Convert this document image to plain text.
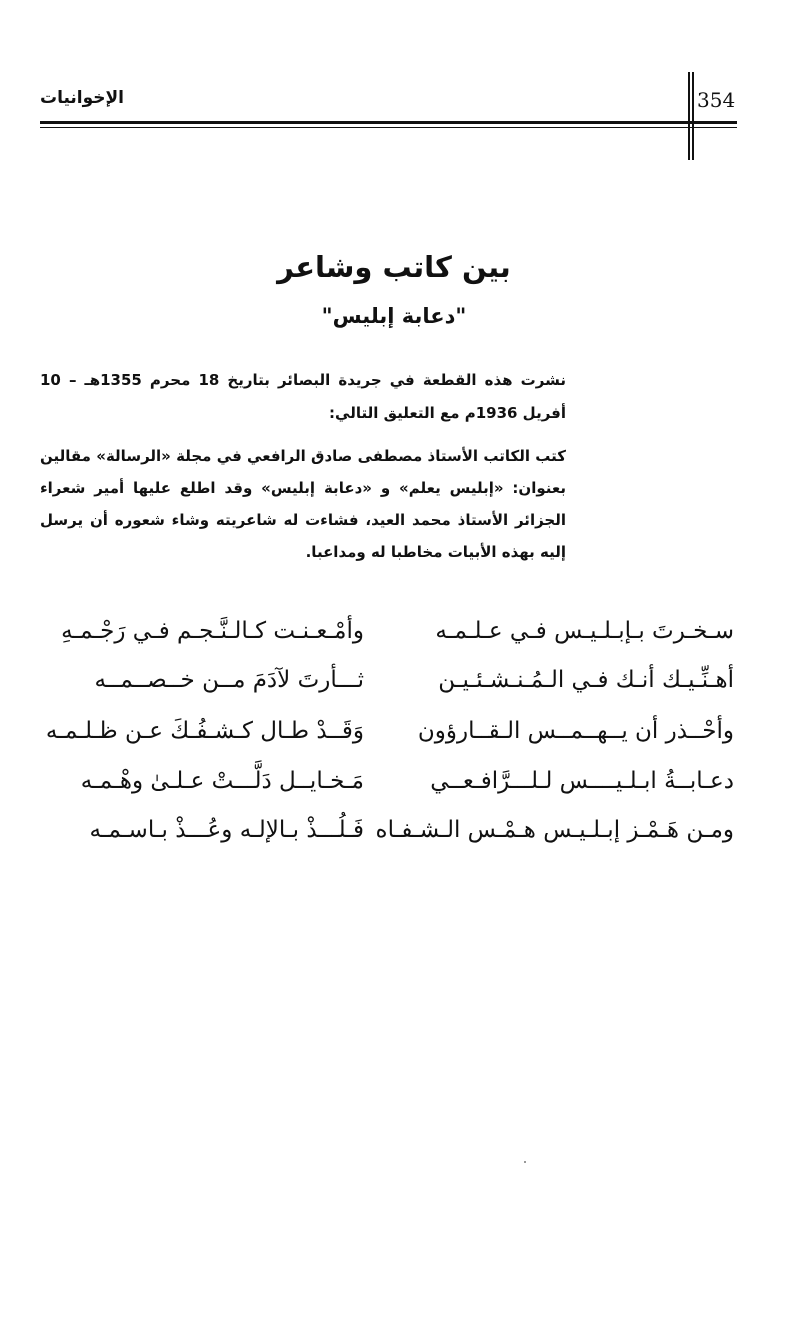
الإخوانيات	354
بين كاتب وشاعر
"دعابة إبليس"
نشرت هذه القطعة في جريدة البصائر بتاريخ 18 محرم 1355هـ – 10 أفريل 1936م مع التعليق التالي:
كتب الكاتب الأستاذ مصطفى صادق الرافعي في مجلة «الرسالة» مقالين بعنوان: «إبليس يعلم» و «دعابة إبليس» وقد اطلع عليها أمير شعراء الجزائر الأستاذ محمد العيد، فشاءت له شاعريته وشاء شعوره أن يرسل إليه بهذه الأبيات مخاطبا له ومداعبا.
سـخـرتَ بـإبـلـيـس فـي عـلـمـه
وأمْـعـنـت كـالـنَّـجـم فـي رَجْـمـهِ
أهـنِّـيـك أنـك فـي الـمُـنـشـئـيـن
ثـــأرتَ لآدَمَ مــن خــصــمــه
وأحْــذر أن يــهــمــس الـقــارؤون
وَقَــدْ طـال كـشـفُـكَ عـن ظـلـمـه
دعـابــةُ ابـلـيــــس لـلـــرَّافـعــي
مَـخـايــل دَلَّـــتْ عـلـىٰ وهْـمـه
ومـن هَـمْـز إبـلـيـس هـمْـس الـشـفـاه
فَـلُـــذْ بـالإلـه وعُـــذْ بـاسـمـه
